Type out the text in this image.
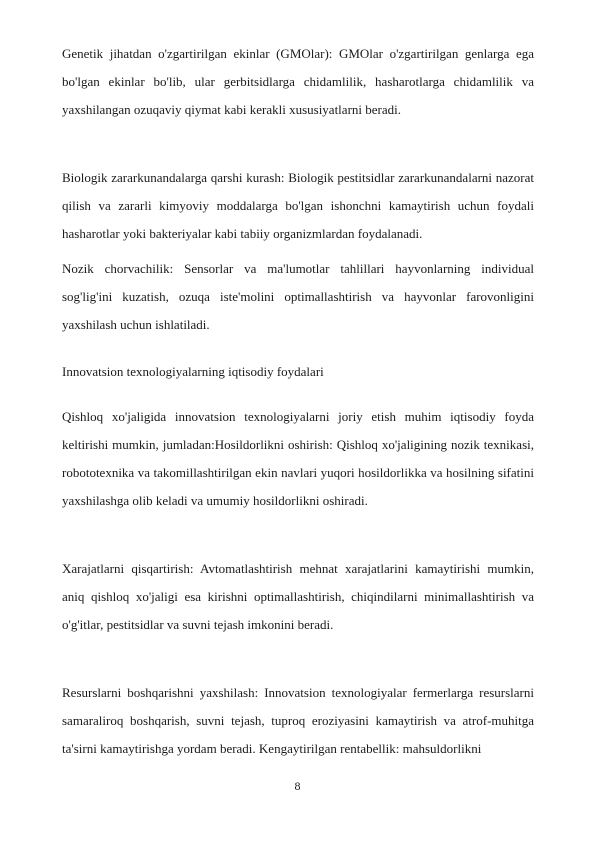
Genetik jihatdan o'zgartirilgan ekinlar (GMOlar): GMOlar o'zgartirilgan genlarga ega bo'lgan ekinlar bo'lib, ular gerbitsidlarga chidamlilik, hasharotlarga chidamlilik va yaxshilangan ozuqaviy qiymat kabi kerakli xususiyatlarni beradi.

Biologik zararkunandalarga qarshi kurash: Biologik pestitsidlar zararkunandalarni nazorat qilish va zararli kimyoviy moddalarga bo'lgan ishonchni kamaytirish uchun foydali hasharotlar yoki bakteriyalar kabi tabiiy organizmlardan foydalanadi.

Nozik chorvachilik: Sensorlar va ma'lumotlar tahlillari hayvonlarning individual sog'lig'ini kuzatish, ozuqa iste'molini optimallashtirish va hayvonlar farovonligini yaxshilash uchun ishlatiladi.

Innovatsion texnologiyalarning iqtisodiy foydalari

Qishloq xo'jaligida innovatsion texnologiyalarni joriy etish muhim iqtisodiy foyda keltirishi mumkin, jumladan:Hosildorlikni oshirish: Qishloq xo'jaligining nozik texnikasi, robototexnika va takomillashtirilgan ekin navlari yuqori hosildorlikka va hosilning sifatini yaxshilashga olib keladi va umumiy hosildorlikni oshiradi.

Xarajatlarni qisqartirish: Avtomatlashtirish mehnat xarajatlarini kamaytirishi mumkin, aniq qishloq xo'jaligi esa kirishni optimallashtirish, chiqindilarni minimallashtirish va o'g'itlar, pestitsidlar va suvni tejash imkonini beradi.

Resurslarni boshqarishni yaxshilash: Innovatsion texnologiyalar fermerlarga resurslarni samaraliroq boshqarish, suvni tejash, tuproq eroziyasini kamaytirish va atrof-muhitga ta'sirni kamaytirishga yordam beradi. Kengaytirilgan rentabellik: mahsuldorlikni

8
